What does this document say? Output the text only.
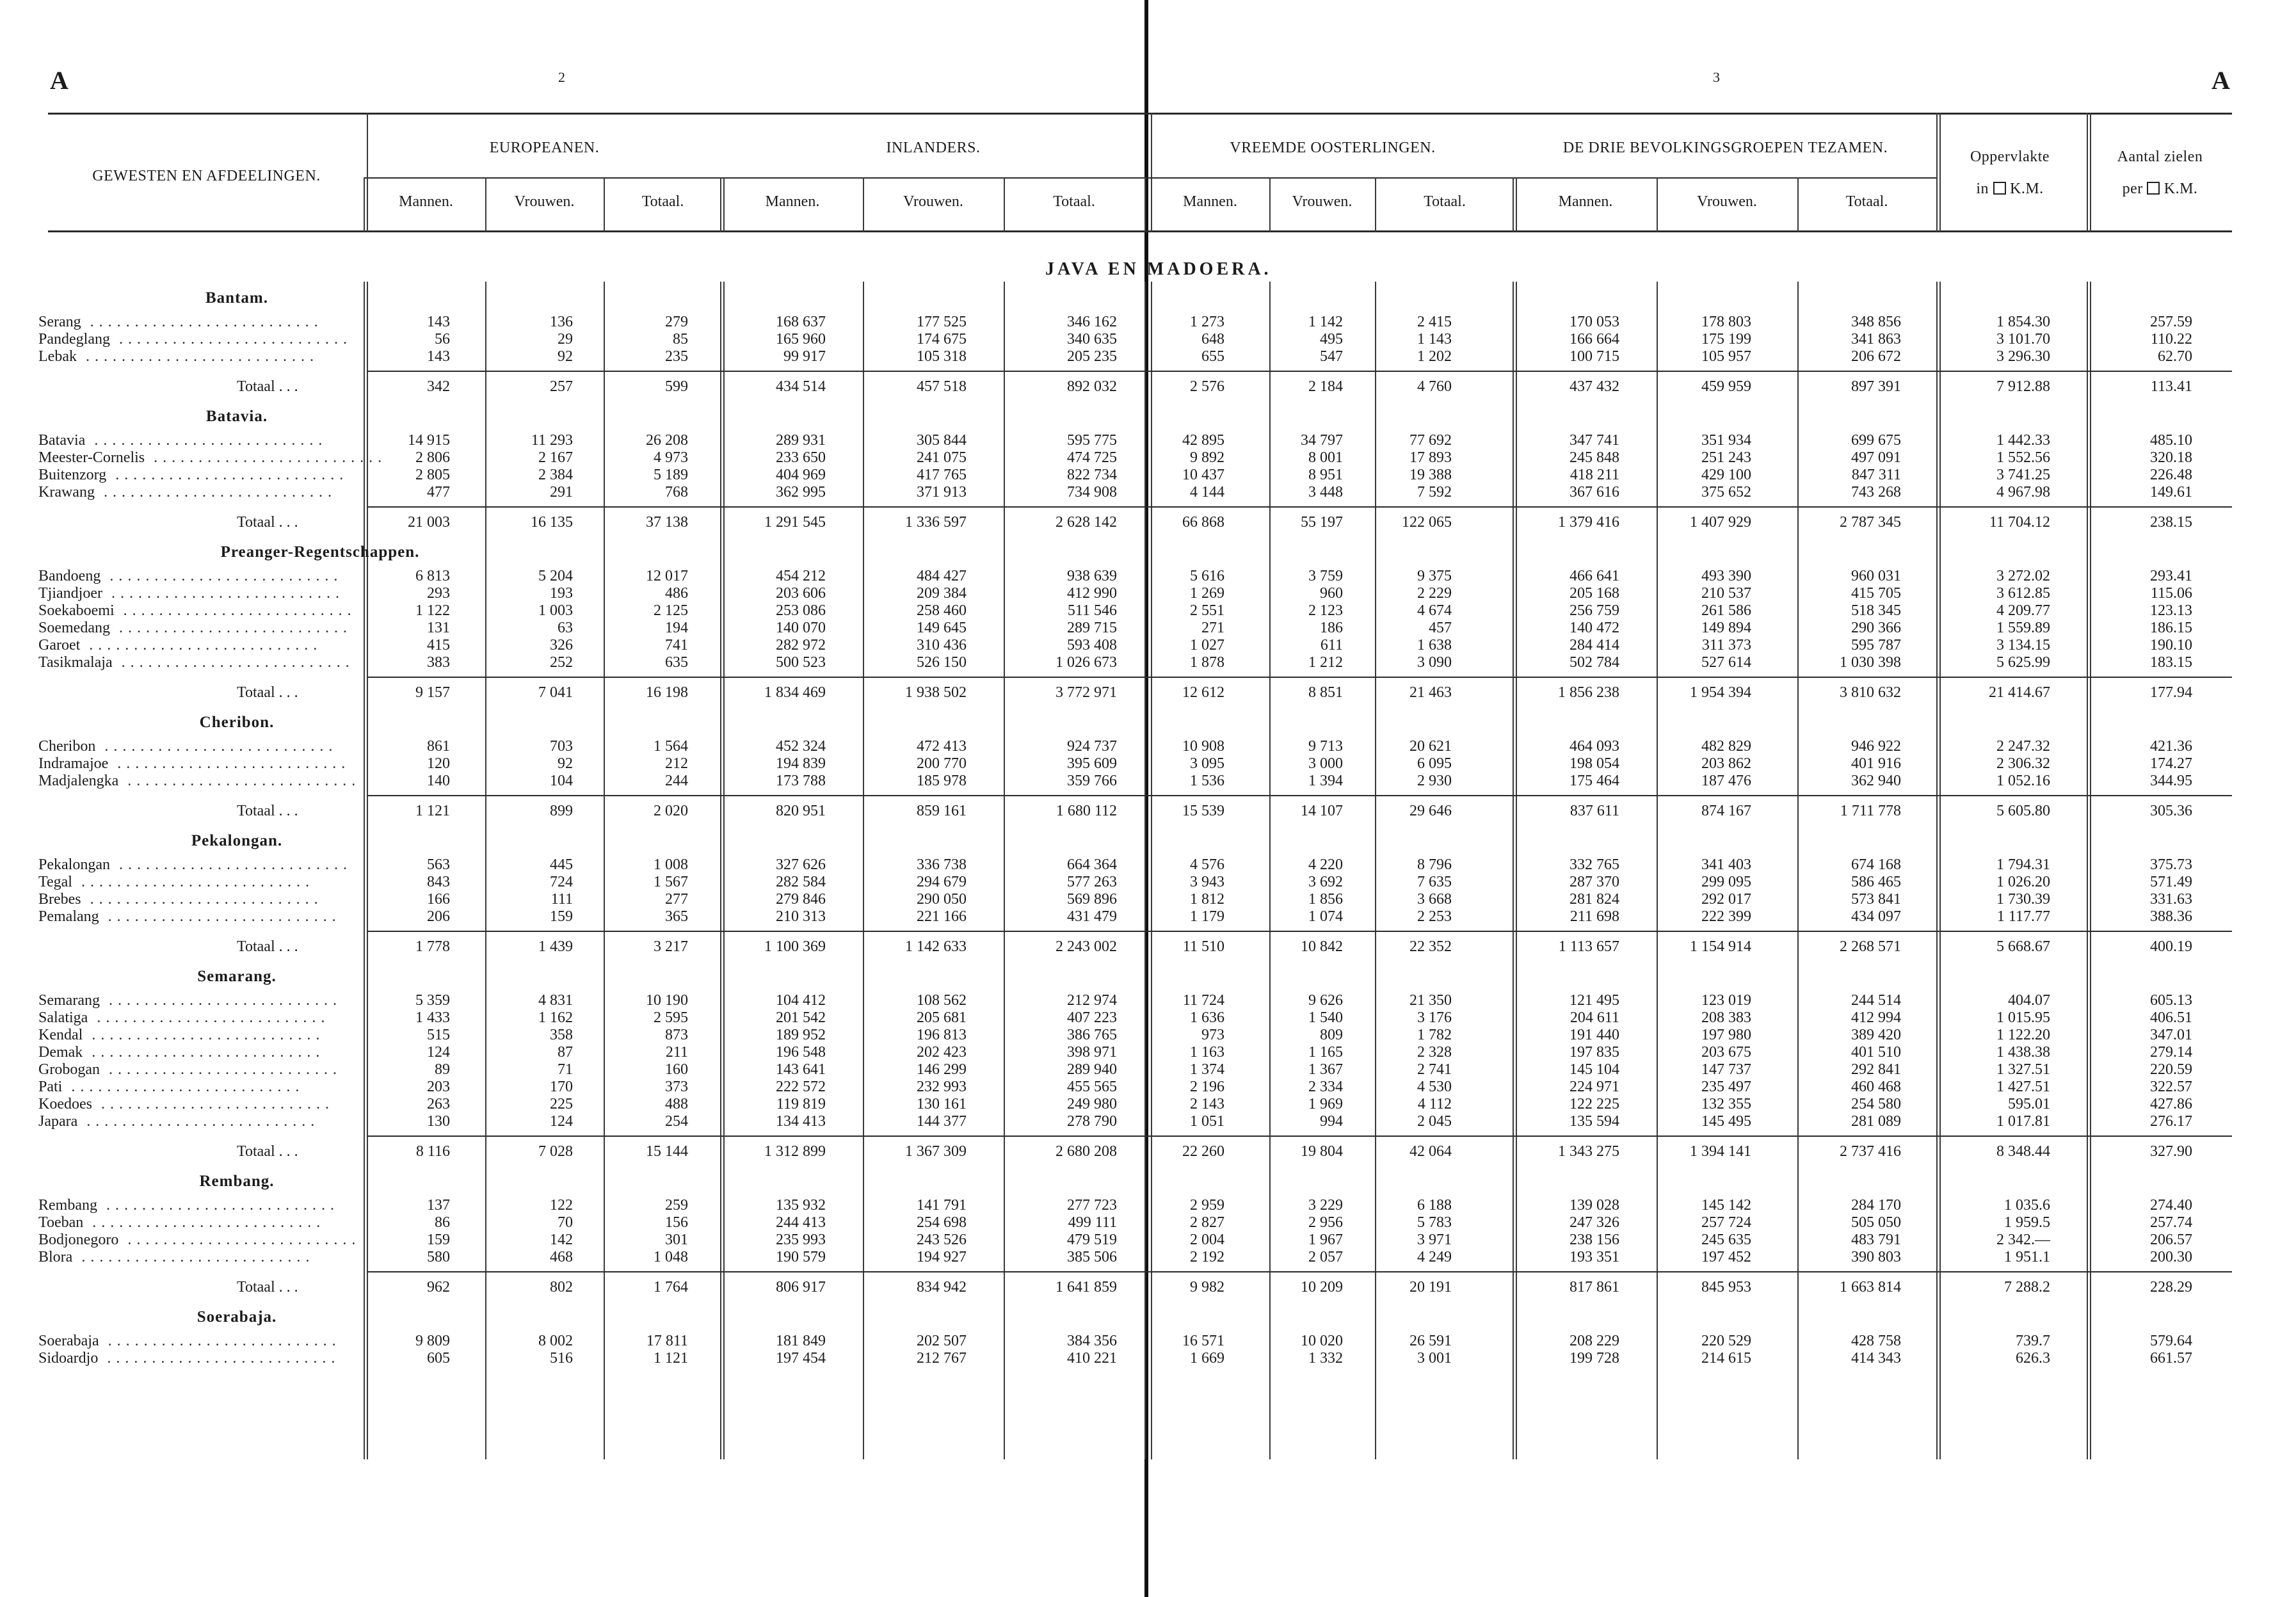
A	A
2	3
GEWESTEN EN AFDEELINGEN.
EUROPEANEN.	INLANDERS.	VREEMDE OOSTERLINGEN.	DE DRIE BEVOLKINGSGROEPEN TEZAMEN.
Oppervlakte
in K.M.
Aantal zielen
per K.M.
Mannen.	Vrouwen.	Totaal.	Mannen.	Vrouwen.	Totaal.	Mannen.	Vrouwen.	Totaal.	Mannen.	Vrouwen.	Totaal.
JAVA EN MADOERA.
Bantam.
Serang ..........................	143	136	279	168 637	177 525	346 162	1 273	1 142	2 415	170 053	178 803	348 856	1 854.30	257.59
Pandeglang ..........................	56	29	85	165 960	174 675	340 635	648	495	1 143	166 664	175 199	341 863	3 101.70	110.22
Lebak ..........................	143	92	235	99 917	105 318	205 235	655	547	1 202	100 715	105 957	206 672	3 296.30	62.70
Totaal . . .	342	257	599	434 514	457 518	892 032	2 576	2 184	4 760	437 432	459 959	897 391	7 912.88	113.41
Batavia.
Batavia ..........................	14 915	11 293	26 208	289 931	305 844	595 775	42 895	34 797	77 692	347 741	351 934	699 675	1 442.33	485.10
Meester-Cornelis ..........................	2 806	2 167	4 973	233 650	241 075	474 725	9 892	8 001	17 893	245 848	251 243	497 091	1 552.56	320.18
Buitenzorg ..........................	2 805	2 384	5 189	404 969	417 765	822 734	10 437	8 951	19 388	418 211	429 100	847 311	3 741.25	226.48
Krawang ..........................	477	291	768	362 995	371 913	734 908	4 144	3 448	7 592	367 616	375 652	743 268	4 967.98	149.61
Totaal . . .	21 003	16 135	37 138	1 291 545	1 336 597	2 628 142	66 868	55 197	122 065	1 379 416	1 407 929	2 787 345	11 704.12	238.15
Preanger-Regentschappen.
Bandoeng ..........................	6 813	5 204	12 017	454 212	484 427	938 639	5 616	3 759	9 375	466 641	493 390	960 031	3 272.02	293.41
Tjiandjoer ..........................	293	193	486	203 606	209 384	412 990	1 269	960	2 229	205 168	210 537	415 705	3 612.85	115.06
Soekaboemi ..........................	1 122	1 003	2 125	253 086	258 460	511 546	2 551	2 123	4 674	256 759	261 586	518 345	4 209.77	123.13
Soemedang ..........................	131	63	194	140 070	149 645	289 715	271	186	457	140 472	149 894	290 366	1 559.89	186.15
Garoet ..........................	415	326	741	282 972	310 436	593 408	1 027	611	1 638	284 414	311 373	595 787	3 134.15	190.10
Tasikmalaja ..........................	383	252	635	500 523	526 150	1 026 673	1 878	1 212	3 090	502 784	527 614	1 030 398	5 625.99	183.15
Totaal . . .	9 157	7 041	16 198	1 834 469	1 938 502	3 772 971	12 612	8 851	21 463	1 856 238	1 954 394	3 810 632	21 414.67	177.94
Cheribon.
Cheribon ..........................	861	703	1 564	452 324	472 413	924 737	10 908	9 713	20 621	464 093	482 829	946 922	2 247.32	421.36
Indramajoe ..........................	120	92	212	194 839	200 770	395 609	3 095	3 000	6 095	198 054	203 862	401 916	2 306.32	174.27
Madjalengka ..........................	140	104	244	173 788	185 978	359 766	1 536	1 394	2 930	175 464	187 476	362 940	1 052.16	344.95
Totaal . . .	1 121	899	2 020	820 951	859 161	1 680 112	15 539	14 107	29 646	837 611	874 167	1 711 778	5 605.80	305.36
Pekalongan.
Pekalongan ..........................	563	445	1 008	327 626	336 738	664 364	4 576	4 220	8 796	332 765	341 403	674 168	1 794.31	375.73
Tegal ..........................	843	724	1 567	282 584	294 679	577 263	3 943	3 692	7 635	287 370	299 095	586 465	1 026.20	571.49
Brebes ..........................	166	111	277	279 846	290 050	569 896	1 812	1 856	3 668	281 824	292 017	573 841	1 730.39	331.63
Pemalang ..........................	206	159	365	210 313	221 166	431 479	1 179	1 074	2 253	211 698	222 399	434 097	1 117.77	388.36
Totaal . . .	1 778	1 439	3 217	1 100 369	1 142 633	2 243 002	11 510	10 842	22 352	1 113 657	1 154 914	2 268 571	5 668.67	400.19
Semarang.
Semarang ..........................	5 359	4 831	10 190	104 412	108 562	212 974	11 724	9 626	21 350	121 495	123 019	244 514	404.07	605.13
Salatiga ..........................	1 433	1 162	2 595	201 542	205 681	407 223	1 636	1 540	3 176	204 611	208 383	412 994	1 015.95	406.51
Kendal ..........................	515	358	873	189 952	196 813	386 765	973	809	1 782	191 440	197 980	389 420	1 122.20	347.01
Demak ..........................	124	87	211	196 548	202 423	398 971	1 163	1 165	2 328	197 835	203 675	401 510	1 438.38	279.14
Grobogan ..........................	89	71	160	143 641	146 299	289 940	1 374	1 367	2 741	145 104	147 737	292 841	1 327.51	220.59
Pati ..........................	203	170	373	222 572	232 993	455 565	2 196	2 334	4 530	224 971	235 497	460 468	1 427.51	322.57
Koedoes ..........................	263	225	488	119 819	130 161	249 980	2 143	1 969	4 112	122 225	132 355	254 580	595.01	427.86
Japara ..........................	130	124	254	134 413	144 377	278 790	1 051	994	2 045	135 594	145 495	281 089	1 017.81	276.17
Totaal . . .	8 116	7 028	15 144	1 312 899	1 367 309	2 680 208	22 260	19 804	42 064	1 343 275	1 394 141	2 737 416	8 348.44	327.90
Rembang.
Rembang ..........................	137	122	259	135 932	141 791	277 723	2 959	3 229	6 188	139 028	145 142	284 170	1 035.6	274.40
Toeban ..........................	86	70	156	244 413	254 698	499 111	2 827	2 956	5 783	247 326	257 724	505 050	1 959.5	257.74
Bodjonegoro ..........................	159	142	301	235 993	243 526	479 519	2 004	1 967	3 971	238 156	245 635	483 791	2 342.—	206.57
Blora ..........................	580	468	1 048	190 579	194 927	385 506	2 192	2 057	4 249	193 351	197 452	390 803	1 951.1	200.30
Totaal . . .	962	802	1 764	806 917	834 942	1 641 859	9 982	10 209	20 191	817 861	845 953	1 663 814	7 288.2	228.29
Soerabaja.
Soerabaja ..........................	9 809	8 002	17 811	181 849	202 507	384 356	16 571	10 020	26 591	208 229	220 529	428 758	739.7	579.64
Sidoardjo ..........................	605	516	1 121	197 454	212 767	410 221	1 669	1 332	3 001	199 728	214 615	414 343	626.3	661.57
